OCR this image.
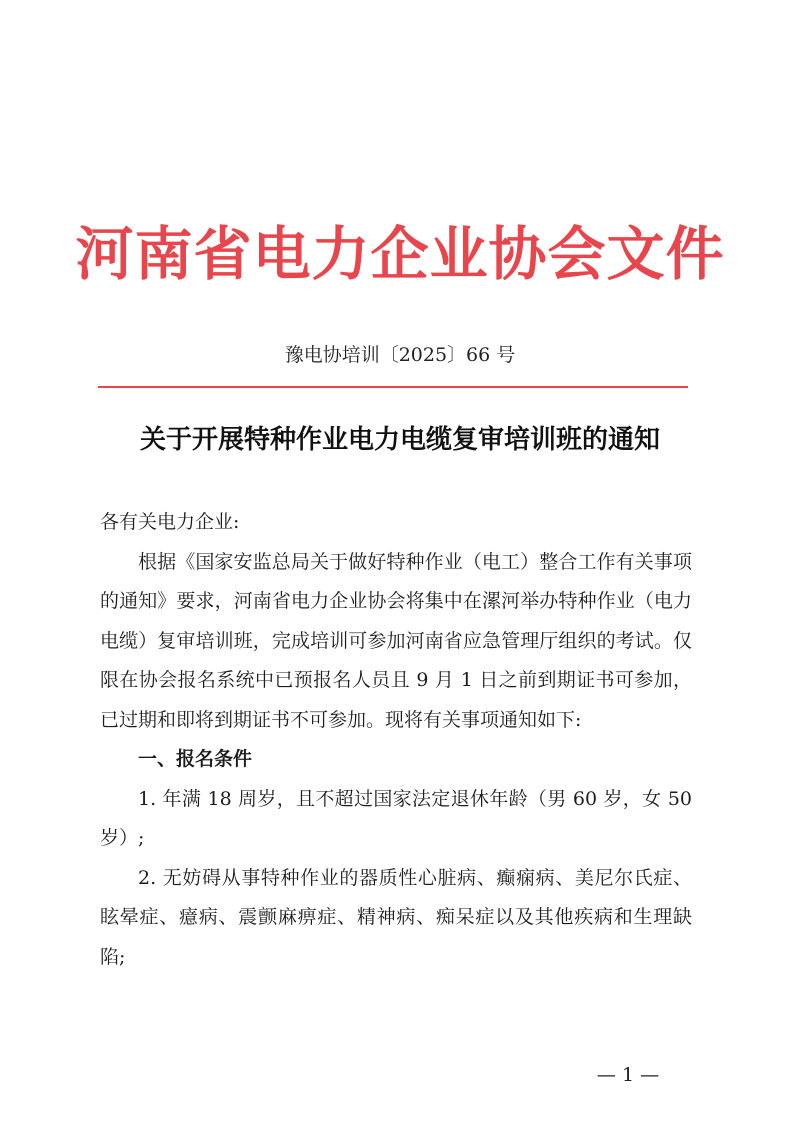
河南省电力企业协会文件
豫电协培训〔2025〕66 号
关于开展特种作业电力电缆复审培训班的通知

各有关电力企业:

根据《国家安监总局关于做好特种作业（电工）整合工作有关事项的通知》要求，河南省电力企业协会将集中在漯河举办特种作业（电力电缆）复审培训班，完成培训可参加河南省应急管理厅组织的考试。仅限在协会报名系统中已预报名人员且 9 月 1 日之前到期证书可参加，已过期和即将到期证书不可参加。现将有关事项通知如下:

一、报名条件

1. 年满 18 周岁，且不超过国家法定退休年龄（男 60 岁，女 50 岁）;

2. 无妨碍从事特种作业的器质性心脏病、癫痫病、美尼尔氏症、眩晕症、癔病、震颤麻痹症、精神病、痴呆症以及其他疾病和生理缺陷;

— 1 —
